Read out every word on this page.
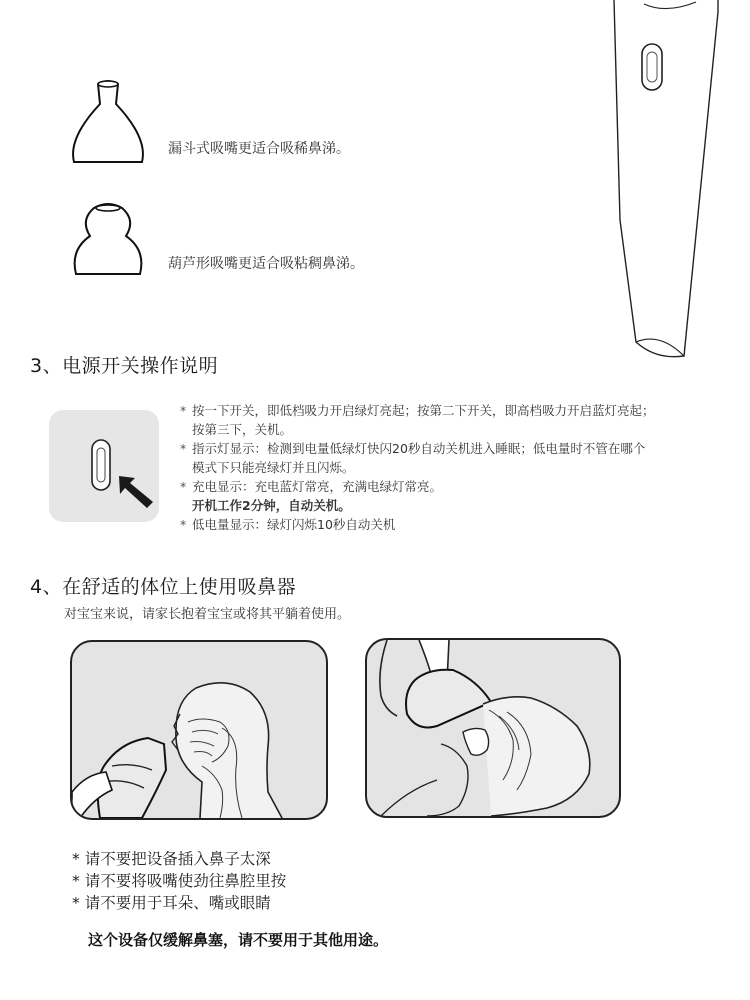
漏斗式吸嘴更适合吸稀鼻涕。
葫芦形吸嘴更适合吸粘稠鼻涕。
3、电源开关操作说明
* 按一下开关，即低档吸力开启绿灯亮起；按第二下开关，即高档吸力开启蓝灯亮起；
按第三下，关机。
* 指示灯显示：检测到电量低绿灯快闪20秒自动关机进入睡眠；低电量时不管在哪个
模式下只能亮绿灯并且闪烁。
* 充电显示：充电蓝灯常亮，充满电绿灯常亮。
开机工作2分钟，自动关机。
* 低电量显示：绿灯闪烁10秒自动关机
4、在舒适的体位上使用吸鼻器
对宝宝来说，请家长抱着宝宝或将其平躺着使用。
* 请不要把设备插入鼻子太深
* 请不要将吸嘴使劲往鼻腔里按
* 请不要用于耳朵、嘴或眼睛
这个设备仅缓解鼻塞，请不要用于其他用途。
